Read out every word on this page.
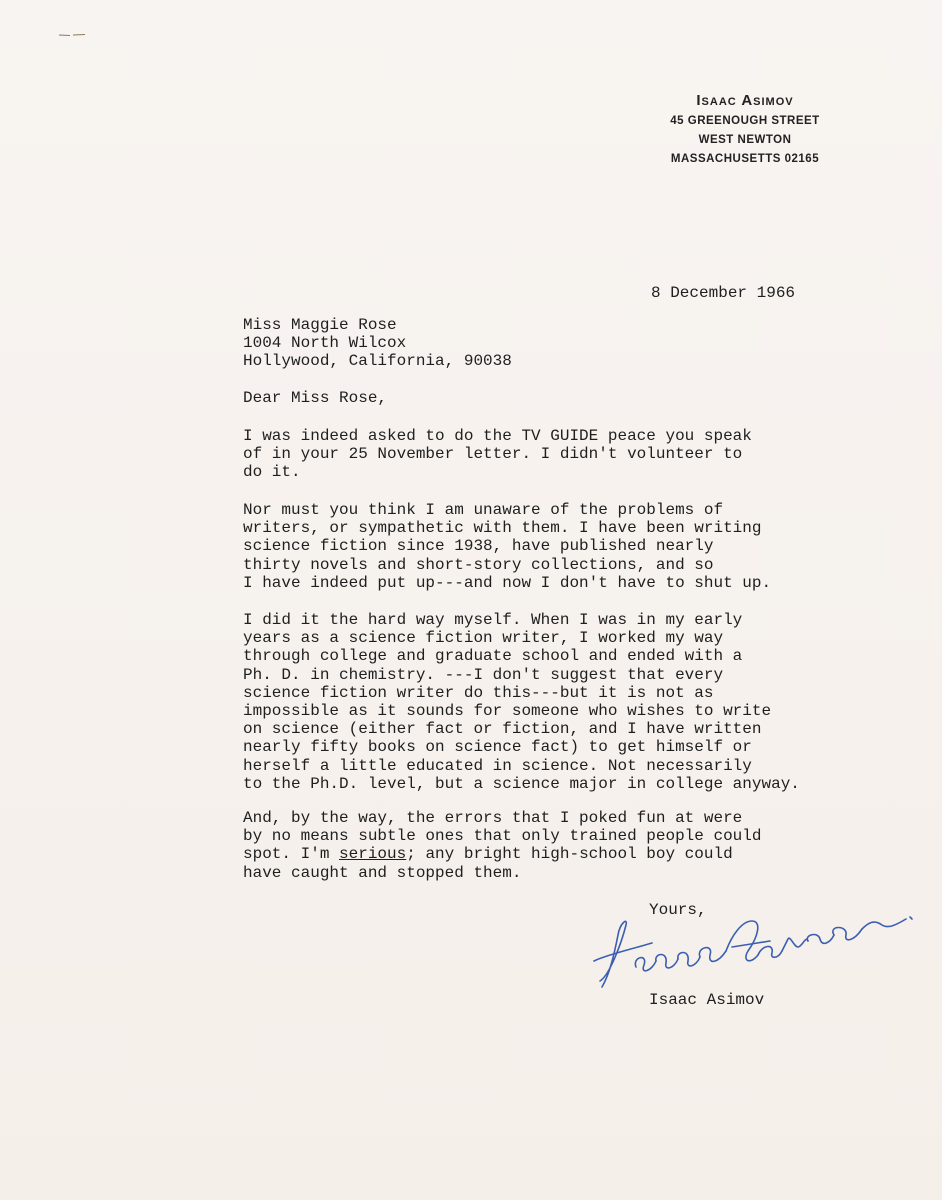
Isaac Asimov
45 GREENOUGH STREET
WEST NEWTON
MASSACHUSETTS 02165
8 December 1966
Miss Maggie Rose
1004 North Wilcox
Hollywood, California, 90038
Dear Miss Rose,
I was indeed asked to do the TV GUIDE peace you speak
of in your 25 November letter. I didn't volunteer to
do it.
Nor must you think I am unaware of the problems of
writers, or sympathetic with them. I have been writing
science fiction since 1938, have published nearly
thirty novels and short-story collections, and so
I have indeed put up---and now I don't have to shut up.
I did it the hard way myself. When I was in my early
years as a science fiction writer, I worked my way
through college and graduate school and ended with a
Ph. D. in chemistry. ---I don't suggest that every
science fiction writer do this---but it is not as
impossible as it sounds for someone who wishes to write
on science (either fact or fiction, and I have written
nearly fifty books on science fact) to get himself or
herself a little educated in science. Not necessarily
to the Ph.D. level, but a science major in college anyway.
And, by the way, the errors that I poked fun at were
by no means subtle ones that only trained people could
spot. I'm serious; any bright high-school boy could
have caught and stopped them.
Yours,
Isaac Asimov
